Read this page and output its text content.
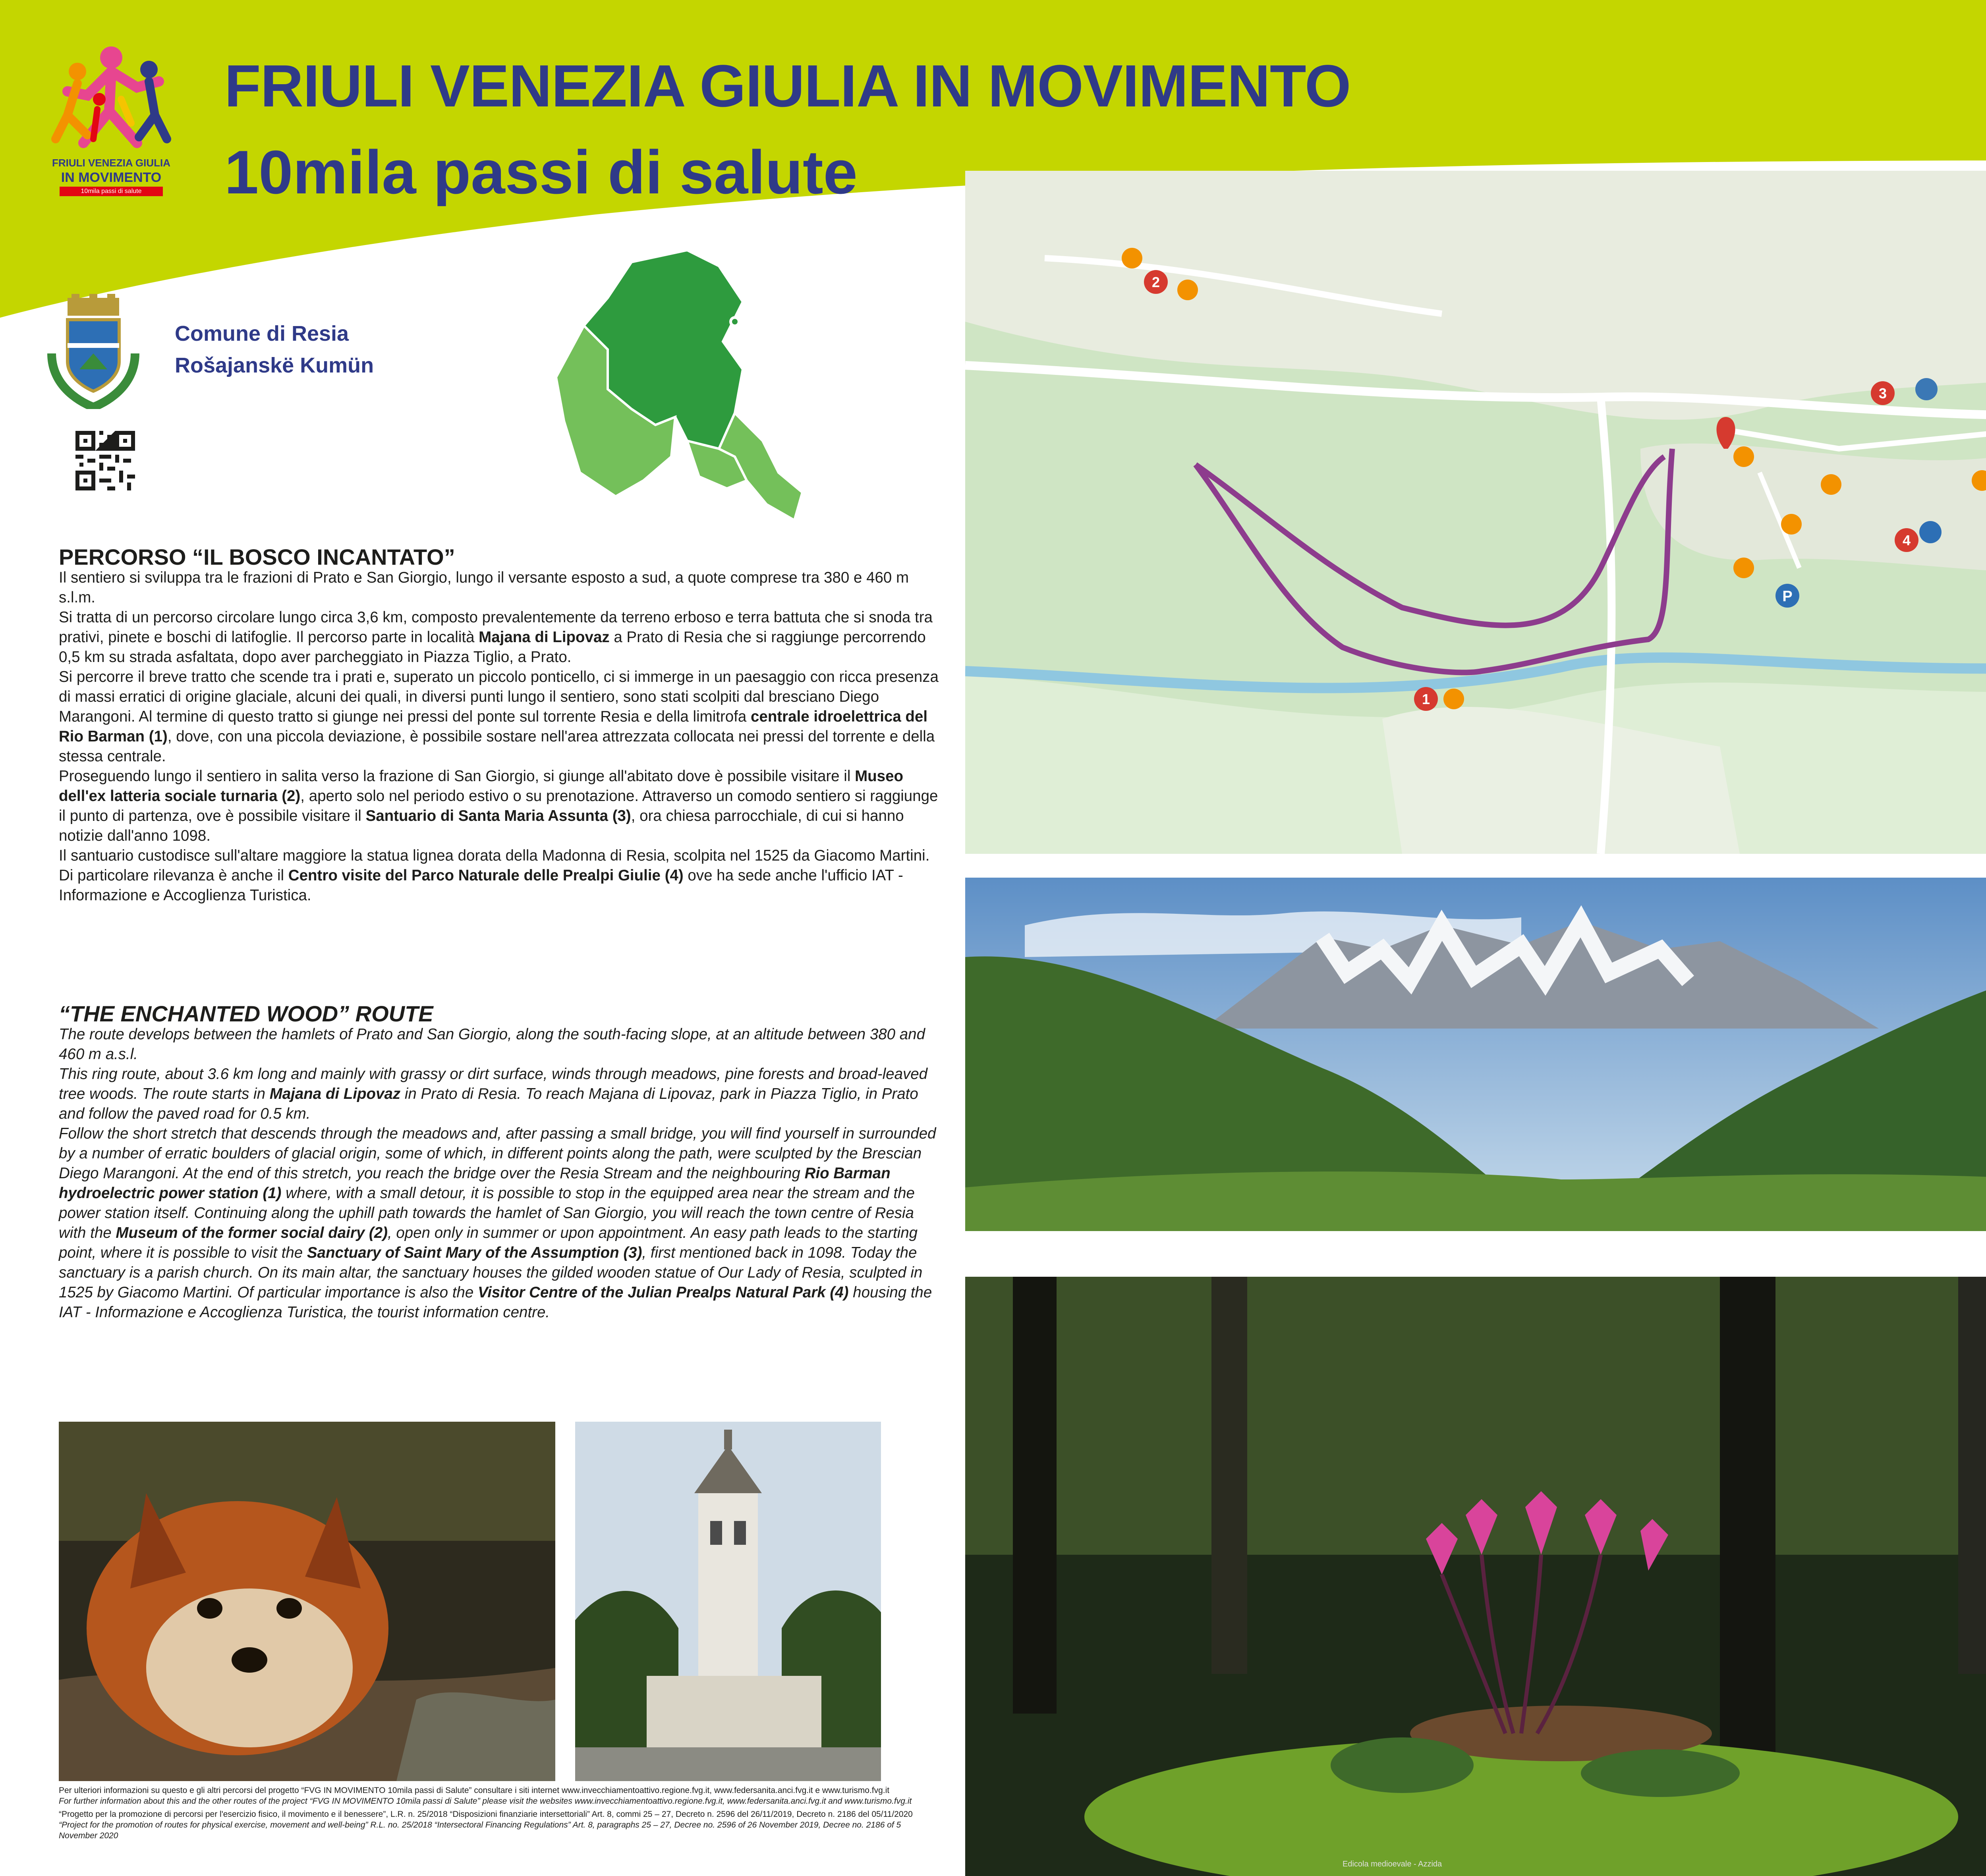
FRIULI VENEZIA GIULIA
IN MOVIMENTO
10mila passi di salute
FRIULI VENEZIA GIULIA IN MOVIMENTO
10mila passi di salute
Comune di Resia
Rošajanskë Kumün
PERCORSO “IL BOSCO INCANTATO”
Il sentiero si sviluppa tra le frazioni di Prato e San Giorgio, lungo il versante esposto a sud, a quote comprese tra 380 e 460 m s.l.m.
Si tratta di un percorso circolare lungo circa 3,6 km, composto prevalentemente da terreno erboso e terra battuta che si snoda tra prativi, pinete e boschi di latifoglie. Il percorso parte in località Majana di Lipovaz a Prato di Resia che si raggiunge percorrendo 0,5 km su strada asfaltata, dopo aver parcheggiato in Piazza Tiglio, a Prato.
Si percorre il breve tratto che scende tra i prati e, superato un piccolo ponticello, ci si immerge in un paesaggio con ricca presenza di massi erratici di origine glaciale, alcuni dei quali, in diversi punti lungo il sentiero, sono stati scolpiti dal bresciano Diego Marangoni. Al termine di questo tratto si giunge nei pressi del ponte sul torrente Resia e della limitrofa centrale idroelettrica del Rio Barman (1), dove, con una piccola deviazione, è possibile sostare nell'area attrezzata collocata nei pressi del torrente e della stessa centrale.
Proseguendo lungo il sentiero in salita verso la frazione di San Giorgio, si giunge all'abitato dove è possibile visitare il Museo dell'ex latteria sociale turnaria (2), aperto solo nel periodo estivo o su prenotazione. Attraverso un comodo sentiero si raggiunge il punto di partenza, ove è possibile visitare il Santuario di Santa Maria Assunta (3), ora chiesa parrocchiale, di cui si hanno notizie dall'anno 1098.
Il santuario custodisce sull'altare maggiore la statua lignea dorata della Madonna di Resia, scolpita nel 1525 da Giacomo Martini. Di particolare rilevanza è anche il Centro visite del Parco Naturale delle Prealpi Giulie (4) ove ha sede anche l'ufficio IAT - Informazione e Accoglienza Turistica.
“THE ENCHANTED WOOD” ROUTE
The route develops between the hamlets of Prato and San Giorgio, along the south-facing slope, at an altitude between 380 and 460 m a.s.l.
This ring route, about 3.6 km long and mainly with grassy or dirt surface, winds through meadows, pine forests and broad-leaved tree woods. The route starts in Majana di Lipovaz in Prato di Resia. To reach Majana di Lipovaz, park in Piazza Tiglio, in Prato and follow the paved road for 0.5 km.
Follow the short stretch that descends through the meadows and, after passing a small bridge, you will find yourself in surrounded by a number of erratic boulders of glacial origin, some of which, in different points along the path, were sculpted by the Brescian Diego Marangoni. At the end of this stretch, you reach the bridge over the Resia Stream and the neighbouring Rio Barman hydroelectric power station (1) where, with a small detour, it is possible to stop in the equipped area near the stream and the power station itself. Continuing along the uphill path towards the hamlet of San Giorgio, you will reach the town centre of Resia with the Museum of the former social dairy (2), open only in summer or upon appointment. An easy path leads to the starting point, where it is possible to visit the Sanctuary of Saint Mary of the Assumption (3), first mentioned back in 1098. Today the sanctuary is a parish church. On its main altar, the sanctuary houses the gilded wooden statue of Our Lady of Resia, sculpted in 1525 by Giacomo Martini. Of particular importance is also the Visitor Centre of the Julian Prealps Natural Park (4) housing the IAT - Informazione e Accoglienza Turistica, the tourist information centre.
Per ulteriori informazioni su questo e gli altri percorsi del progetto “FVG IN MOVIMENTO 10mila passi di Salute” consultare i siti internet www.invecchiamentoattivo.regione.fvg.it, www.federsanita.anci.fvg.it e www.turismo.fvg.it
For further information about this and the other routes of the project “FVG IN MOVIMENTO 10mila passi di Salute” please visit the websites www.invecchiamentoattivo.regione.fvg.it, www.federsanita.anci.fvg.it and www.turismo.fvg.it
“Progetto per la promozione di percorsi per l'esercizio fisico, il movimento e il benessere”, L.R. n. 25/2018 “Disposizioni finanziarie intersettoriali” Art. 8, commi 25 – 27, Decreto n. 2596 del 26/11/2019, Decreto n. 2186 del 05/11/2020
“Project for the promotion of routes for physical exercise, movement and well-being” R.L. no. 25/2018 “Intersectoral Financing Regulations” Art. 8, paragraphs 25 – 27, Decree no. 2596 of 26 November 2019, Decree no. 2186 of 5 November 2020
2
3
4
1
P
Edicola medioevale - Azzida
